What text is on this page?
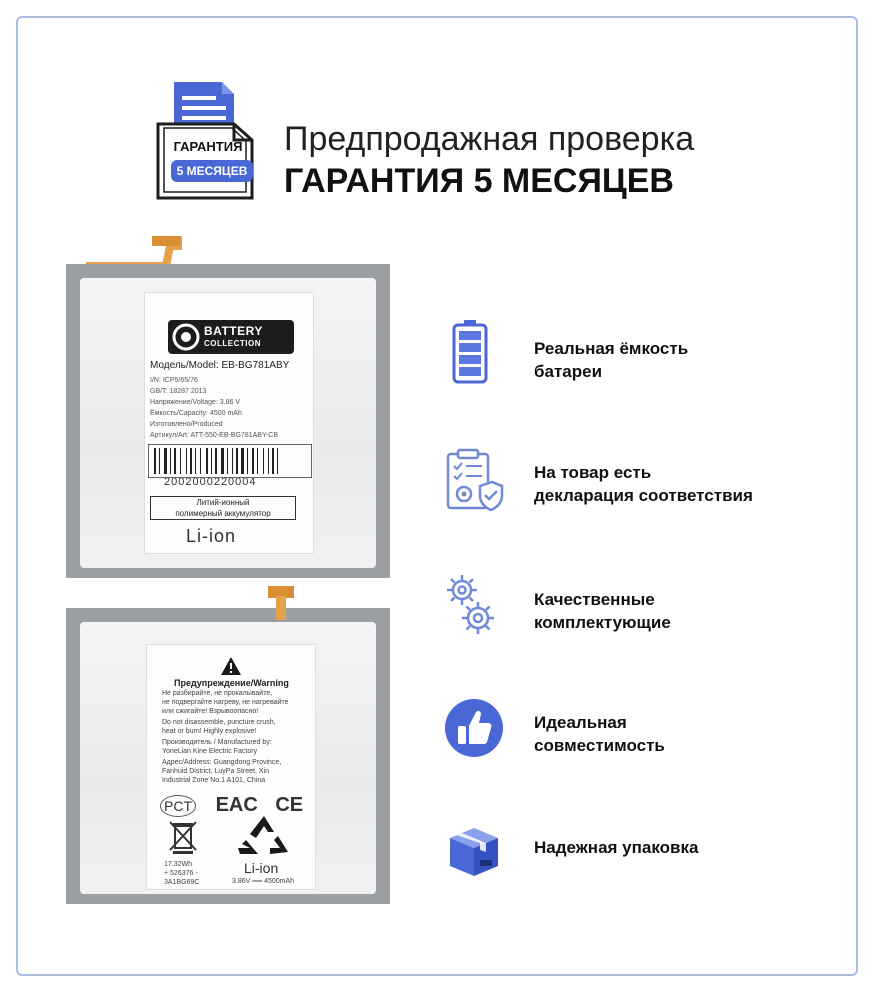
ГАРАНТИЯ
5 МЕСЯЦЕВ
Предпродажная проверка
ГАРАНТИЯ 5 МЕСЯЦЕВ
BATTERY
COLLECTION
Модель/Model: EB-BG781ABY
I/N: ICP5/65/76
GB/T: 18287 2013
Напряжение/Voltage: 3.86 V
Ёмкость/Capacity: 4500 mAh
Изготовлено/Produced
Артикул/Art: ATT-550-EB-BG781ABY-CB
2002000220004
Литий-ионный
полимерный аккумулятор
Li-ion
Предупреждение/Warning
Не разбирайте, не прокалывайте,
не подвергайте нагреву, не нагревайте
или сжигайте! Взрывоопасно!
Do not disassemble, puncture crush,
heat or burn! Highly explosive!
Производитель / Manufactured by:
YoneLian Kine Electric Factory
Адрес/Address: Guangdong Province,
Fanhuid District, LuyPa Street, Xin
Industrial Zone No.1 A101, China
PCT EAC CE
17.32Wh
+ 526376 -
3A1BG69C
Li-ion
3.86V ══ 4500mAh
Реальная ёмкость
батареи
На товар есть
декларация соответствия
Качественные
комплектующие
Идеальная
совместимость
Надежная упаковка
